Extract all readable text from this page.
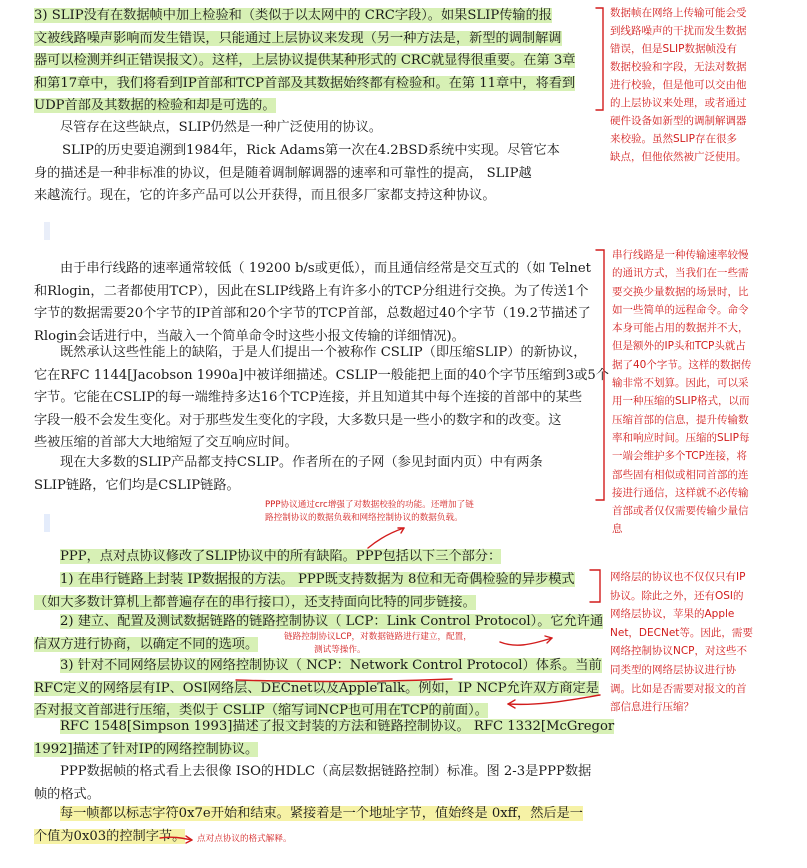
3) SLIP没有在数据帧中加上检验和（类似于以太网中的 CRC字段）。如果SLIP传输的报
文被线路噪声影响而发生错误，只能通过上层协议来发现（另一种方法是，新型的调制解调
器可以检测并纠正错误报文）。这样，上层协议提供某种形式的 CRC就显得很重要。在第 3章
和第17章中，我们将看到IP首部和TCP首部及其数据始终都有检验和。在第 11章中，将看到
UDP首部及其数据的检验和却是可选的。
尽管存在这些缺点，SLIP仍然是一种广泛使用的协议。
SLIP的历史要追溯到1984年，Rick Adams第一次在4.2BSD系统中实现。尽管它本
身的描述是一种非标准的协议，但是随着调制解调器的速率和可靠性的提高， SLIP越
来越流行。现在，它的许多产品可以公开获得，而且很多厂家都支持这种协议。
由于串行线路的速率通常较低（ 19200 b/s或更低），而且通信经常是交互式的（如 Telnet
和Rlogin，二者都使用TCP），因此在SLIP线路上有许多小的TCP分组进行交换。为了传送1个
字节的数据需要20个字节的IP首部和20个字节的TCP首部，总数超过40个字节（19.2节描述了
Rlogin会话进行中，当敲入一个简单命令时这些小报文传输的详细情况)。
既然承认这些性能上的缺陷，于是人们提出一个被称作 CSLIP（即压缩SLIP）的新协议，
它在RFC 1144[Jacobson 1990a]中被详细描述。CSLIP一般能把上面的40个字节压缩到3或5个
字节。它能在CSLIP的每一端维持多达16个TCP连接，并且知道其中每个连接的首部中的某些
字段一般不会发生变化。对于那些发生变化的字段，大多数只是一些小的数字和的改变。这
些被压缩的首部大大地缩短了交互响应时间。
现在大多数的SLIP产品都支持CSLIP。作者所在的子网（参见封面内页）中有两条
SLIP链路，它们均是CSLIP链路。
PPP，点对点协议修改了SLIP协议中的所有缺陷。PPP包括以下三个部分：
1) 在串行链路上封装 IP数据报的方法。 PPP既支持数据为 8位和无奇偶检验的异步模式
（如大多数计算机上都普遍存在的串行接口），还支持面向比特的同步链接。
2) 建立、配置及测试数据链路的链路控制协议（ LCP：Link Control Protocol）。它允许通
信双方进行协商，以确定不同的选项。
3) 针对不同网络层协议的网络控制协议（ NCP：Network Control Protocol）体系。当前
RFC定义的网络层有IP、OSI网络层、DECnet以及AppleTalk。例如，IP NCP允许双方商定是
否对报文首部进行压缩，类似于 CSLIP（缩写词NCP也可用在TCP的前面）。
RFC 1548[Simpson 1993]描述了报文封装的方法和链路控制协议。 RFC 1332[McGregor
1992]描述了针对IP的网络控制协议。
PPP数据帧的格式看上去很像 ISO的HDLC（高层数据链路控制）标准。图 2-3是PPP数据
帧的格式。
每一帧都以标志字符0x7e开始和结束。紧接着是一个地址字节，值始终是 0xff，然后是一
个值为0x03的控制字节。
数据帧在网络上传输可能会受
到线路噪声的干扰而发生数据
错误，但是SLIP数据帧没有
数据校验和字段，无法对数据
进行校验，但是他可以交由他
的上层协议来处理，或者通过
硬件设备如新型的调制解调器
来校验。虽然SLIP存在很多
缺点，但他依然被广泛使用。
串行线路是一种传输速率较慢
的通讯方式，当我们在一些需
要交换少量数据的场景时，比
如一些简单的远程命令。命令
本身可能占用的数据并不大，
但是额外的IP头和TCP头就占
据了40个字节。这样的数据传
输非常不划算。因此，可以采
用一种压缩的SLIP格式，以而
压缩首部的信息，提升传输数
率和响应时间。压缩的SLIP每
一端会维护多个TCP连接，将
部些固有相似或相同首部的连
接进行通信，这样就不必传输
首部或者仅仅需要传输少量信
息
PPP协议通过crc增强了对数据校验的功能。还增加了链
路控制协议的数据负载和网络控制协议的数据负载。
链路控制协议LCP，对数据链路进行建立，配置，
测试等操作。
网络层的协议也不仅仅只有IP
协议。除此之外，还有OSI的
网络层协议，苹果的Apple
Net，DECNet等。因此，需要
网络控制协议NCP，对这些不
同类型的网络层协议进行协
调。比如是否需要对报文的首
部信息进行压缩？
点对点协议的格式解释。
